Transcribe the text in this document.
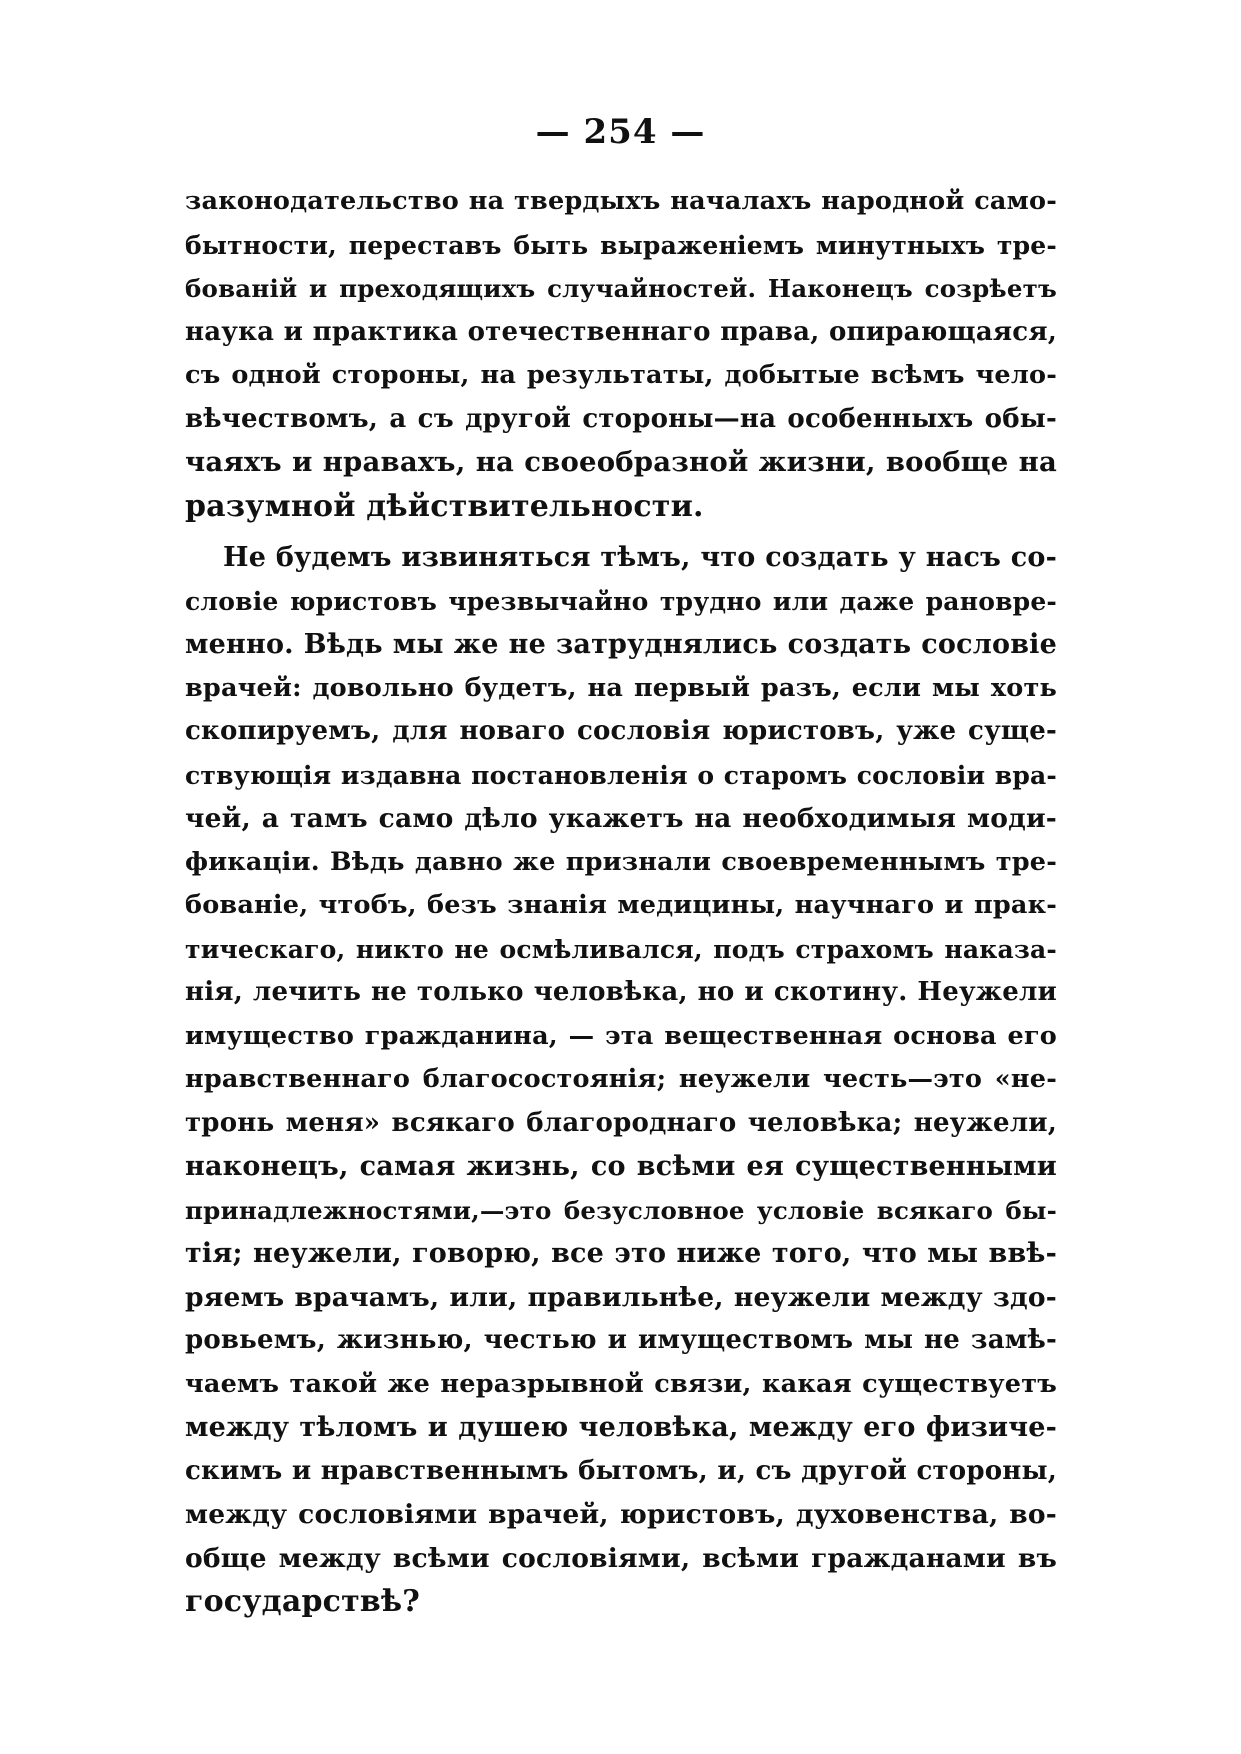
— 254 —
законодательство на твердыхъ началахъ народной само-
бытности, переставъ быть выраженіемъ минутныхъ тре-
бованій и преходящихъ случайностей. Наконецъ созрѣетъ
наука и практика отечественнаго права, опирающаяся,
съ одной стороны, на результаты, добытые всѣмъ чело-
вѣчествомъ, а съ другой стороны—на особенныхъ обы-
чаяхъ и нравахъ, на своеобразной жизни, вообще на
разумной дѣйствительности.
Не будемъ извиняться тѣмъ, что создать у насъ со-
словіе юристовъ чрезвычайно трудно или даже рановре-
менно. Вѣдь мы же не затруднялись создать сословіе
врачей: довольно будетъ, на первый разъ, если мы хоть
скопируемъ, для новаго сословія юристовъ, уже суще-
ствующія издавна постановленія о старомъ сословіи вра-
чей, а тамъ само дѣло укажетъ на необходимыя моди-
фикаціи. Вѣдь давно же признали своевременнымъ тре-
бованіе, чтобъ, безъ знанія медицины, научнаго и прак-
тическаго, никто не осмѣливался, подъ страхомъ наказа-
нія, лечить не только человѣка, но и скотину. Неужели
имущество гражданина, — эта вещественная основа его
нравственнаго благосостоянія; неужели честь—это «не-
тронь меня» всякаго благороднаго человѣка; неужели,
наконецъ, самая жизнь, со всѣми ея существенными
принадлежностями,—это безусловное условіе всякаго бы-
тія; неужели, говорю, все это ниже того, что мы ввѣ-
ряемъ врачамъ, или, правильнѣе, неужели между здо-
ровьемъ, жизнью, честью и имуществомъ мы не замѣ-
чаемъ такой же неразрывной связи, какая существуетъ
между тѣломъ и душею человѣка, между его физиче-
скимъ и нравственнымъ бытомъ, и, съ другой стороны,
между сословіями врачей, юристовъ, духовенства, во-
обще между всѣми сословіями, всѣми гражданами въ
государствѣ?
